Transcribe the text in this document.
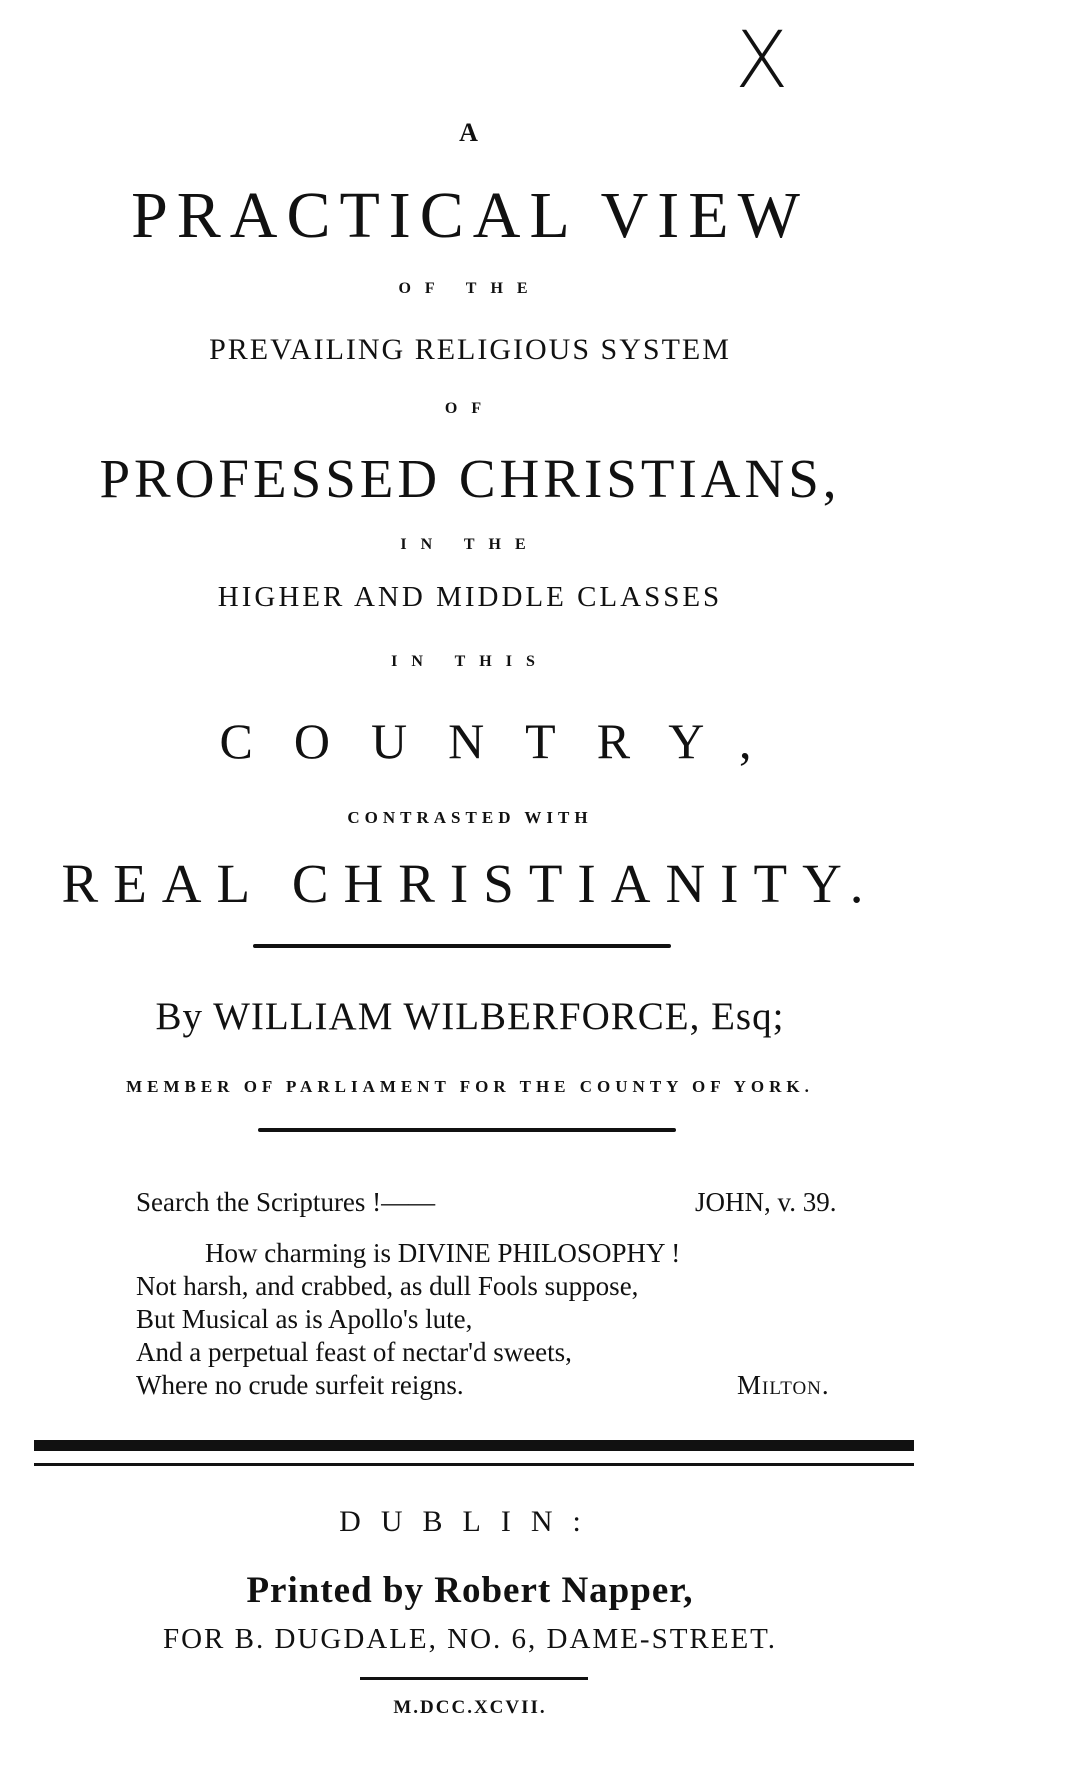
X
A
PRACTICAL VIEW
OF THE
PREVAILING RELIGIOUS SYSTEM
OF
PROFESSED CHRISTIANS,
IN THE
HIGHER AND MIDDLE CLASSES
IN THIS
COUNTRY,
CONTRASTED WITH
REAL CHRISTIANITY.
By WILLIAM WILBERFORCE, Esq;
MEMBER OF PARLIAMENT FOR THE COUNTY OF YORK.
Search the Scriptures !——	JOHN, v. 39.
How charming is DIVINE PHILOSOPHY !
Not harsh, and crabbed, as dull Fools suppose,
But Musical as is Apollo's lute,
And a perpetual feast of nectar'd sweets,
Where no crude surfeit reigns.	Milton.
DUBLIN:
Printed by Robert Napper,
FOR B. DUGDALE, NO. 6, DAME-STREET.
M.DCC.XCVII.
